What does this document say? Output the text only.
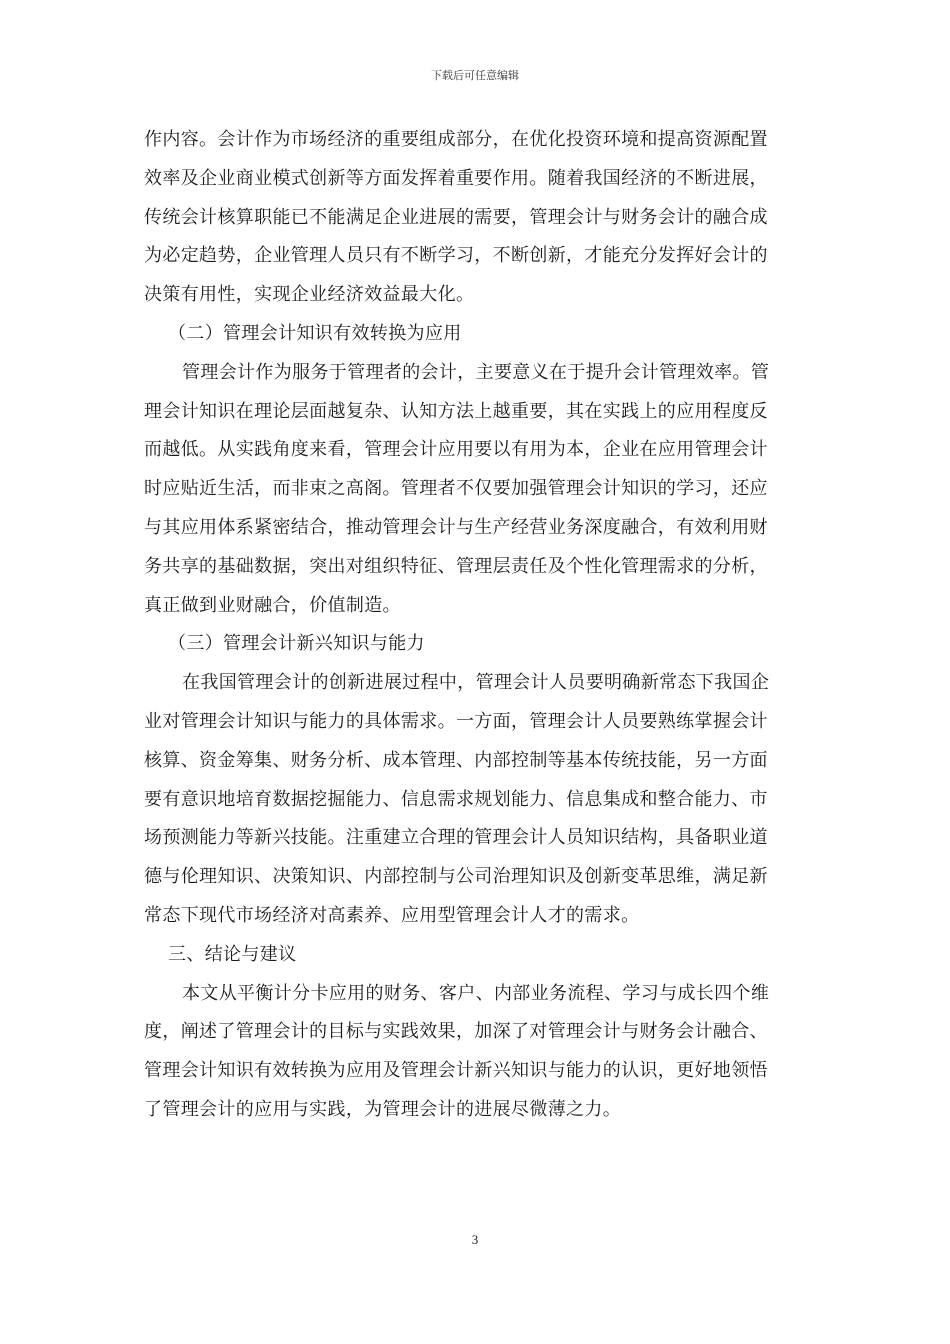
下载后可任意编辑
作内容。会计作为市场经济的重要组成部分，在优化投资环境和提高资源配置
效率及企业商业模式创新等方面发挥着重要作用。随着我国经济的不断进展，
传统会计核算职能已不能满足企业进展的需要，管理会计与财务会计的融合成
为必定趋势，企业管理人员只有不断学习，不断创新，才能充分发挥好会计的
决策有用性，实现企业经济效益最大化。
（二）管理会计知识有效转换为应用
管理会计作为服务于管理者的会计，主要意义在于提升会计管理效率。管
理会计知识在理论层面越复杂、认知方法上越重要，其在实践上的应用程度反
而越低。从实践角度来看，管理会计应用要以有用为本，企业在应用管理会计
时应贴近生活，而非束之高阁。管理者不仅要加强管理会计知识的学习，还应
与其应用体系紧密结合，推动管理会计与生产经营业务深度融合，有效利用财
务共享的基础数据，突出对组织特征、管理层责任及个性化管理需求的分析，
真正做到业财融合，价值制造。
（三）管理会计新兴知识与能力
在我国管理会计的创新进展过程中，管理会计人员要明确新常态下我国企
业对管理会计知识与能力的具体需求。一方面，管理会计人员要熟练掌握会计
核算、资金筹集、财务分析、成本管理、内部控制等基本传统技能，另一方面
要有意识地培育数据挖掘能力、信息需求规划能力、信息集成和整合能力、市
场预测能力等新兴技能。注重建立合理的管理会计人员知识结构，具备职业道
德与伦理知识、决策知识、内部控制与公司治理知识及创新变革思维，满足新
常态下现代市场经济对高素养、应用型管理会计人才的需求。
三、结论与建议
本文从平衡计分卡应用的财务、客户、内部业务流程、学习与成长四个维
度，阐述了管理会计的目标与实践效果，加深了对管理会计与财务会计融合、
管理会计知识有效转换为应用及管理会计新兴知识与能力的认识，更好地领悟
了管理会计的应用与实践，为管理会计的进展尽微薄之力。
3
